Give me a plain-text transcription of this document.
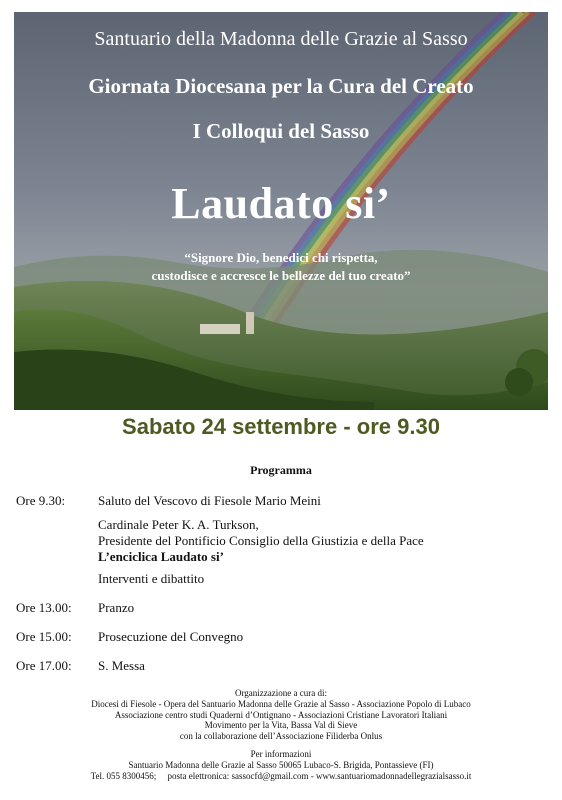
Santuario della Madonna delle Grazie al Sasso
Giornata Diocesana per la Cura del Creato
I Colloqui del Sasso
Laudato si’
“Signore Dio, benedici chi rispetta,
custodisce e accresce le bellezze del tuo creato”
Sabato 24 settembre - ore 9.30
Programma
Ore 9.30:	Saluto del Vescovo di Fiesole Mario Meini
Cardinale Peter K. A. Turkson,
Presidente del Pontificio Consiglio della Giustizia e della Pace
L’enciclica Laudato si’
Interventi e dibattito
Ore 13.00: Pranzo
Ore 15.00: Prosecuzione del Convegno
Ore 17.00: S. Messa
Organizzazione a cura di:
Diocesi di Fiesole - Opera del Santuario Madonna delle Grazie al Sasso - Associazione Popolo di Lubaco
Associazione centro studi Quaderni d’Ontignano - Associazioni Cristiane Lavoratori Italiani
Movimento per la Vita, Bassa Val di Sieve
con la collaborazione dell’Associazione Filiderba Onlus
Per informazioni
Santuario Madonna delle Grazie al Sasso 50065 Lubaco-S. Brigida, Pontassieve (FI)
Tel. 055 8300456;     posta elettronica: sassocfd@gmail.com - www.santuariomadonnadellegrazialsasso.it
